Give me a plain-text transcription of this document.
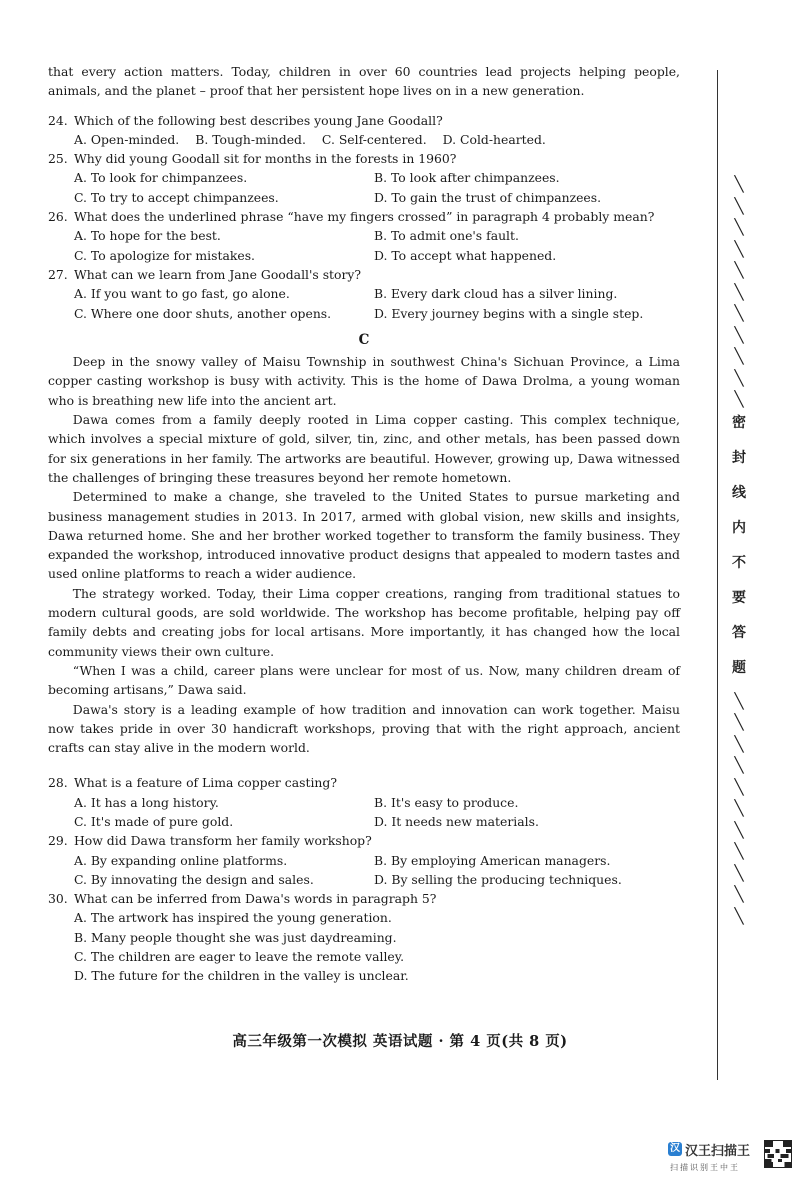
that every action matters. Today, children in over 60 countries lead projects helping people, animals, and the planet – proof that her persistent hope lives on in a new generation.

24. Which of the following best describes young Jane Goodall?
A. Open-minded. B. Tough-minded. C. Self-centered. D. Cold-hearted.
25. Why did young Goodall sit for months in the forests in 1960?
A. To look for chimpanzees.	B. To look after chimpanzees.
C. To try to accept chimpanzees.	D. To gain the trust of chimpanzees.
26. What does the underlined phrase “have my fingers crossed” in paragraph 4 probably mean?
A. To hope for the best.	B. To admit one's fault.
C. To apologize for mistakes.	D. To accept what happened.
27. What can we learn from Jane Goodall's story?
A. If you want to go fast, go alone.	B. Every dark cloud has a silver lining.
C. Where one door shuts, another opens.	D. Every journey begins with a single step.
C

Deep in the snowy valley of Maisu Township in southwest China's Sichuan Province, a Lima copper casting workshop is busy with activity. This is the home of Dawa Drolma, a young woman who is breathing new life into the ancient art.

Dawa comes from a family deeply rooted in Lima copper casting. This complex technique, which involves a special mixture of gold, silver, tin, zinc, and other metals, has been passed down for six generations in her family. The artworks are beautiful. However, growing up, Dawa witnessed the challenges of bringing these treasures beyond her remote hometown.

Determined to make a change, she traveled to the United States to pursue marketing and business management studies in 2013. In 2017, armed with global vision, new skills and insights, Dawa returned home. She and her brother worked together to transform the family business. They expanded the workshop, introduced innovative product designs that appealed to modern tastes and used online platforms to reach a wider audience.

The strategy worked. Today, their Lima copper creations, ranging from traditional statues to modern cultural goods, are sold worldwide. The workshop has become profitable, helping pay off family debts and creating jobs for local artisans. More importantly, it has changed how the local community views their own culture.

“When I was a child, career plans were unclear for most of us. Now, many children dream of becoming artisans,” Dawa said.

Dawa's story is a leading example of how tradition and innovation can work together. Maisu now takes pride in over 30 handicraft workshops, proving that with the right approach, ancient crafts can stay alive in the modern world.

28. What is a feature of Lima copper casting?
A. It has a long history.	B. It's easy to produce.
C. It's made of pure gold.	D. It needs new materials.
29. How did Dawa transform her family workshop?
A. By expanding online platforms.	B. By employing American managers.
C. By innovating the design and sales.	D. By selling the producing techniques.
30. What can be inferred from Dawa's words in paragraph 5?
A. The artwork has inspired the young generation.
B. Many people thought she was just daydreaming.
C. The children are eager to leave the remote valley.
D. The future for the children in the valley is unclear.
高三年级第一次模拟 英语试题 · 第 4 页(共 8 页)
╲
╲
╲
╲
╲
╲
╲
╲
╲
╲
╲
密
封
线
内
不
要
答
题
╲
╲
╲
╲
╲
╲
╲
╲
╲
╲
╲
汉 汉王扫描王
扫描识别王中王
